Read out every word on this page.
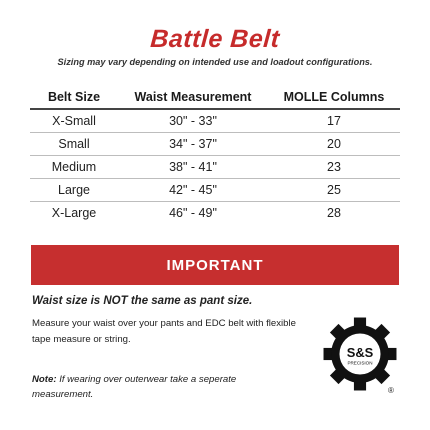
Battle Belt
Sizing may vary depending on intended use and loadout configurations.
Belt Size	Waist Measurement	MOLLE Columns
X-Small	30" - 33"	17
Small	34" - 37"	20
Medium	38" - 41"	23
Large	42" - 45"	25
X-Large	46" - 49"	28
IMPORTANT
Waist size is NOT the same as pant size.
Measure your waist over your pants and EDC belt with flexible tape measure or string.
Note: If wearing over outerwear take a seperate measurement.
S&S
PRECISION
®
